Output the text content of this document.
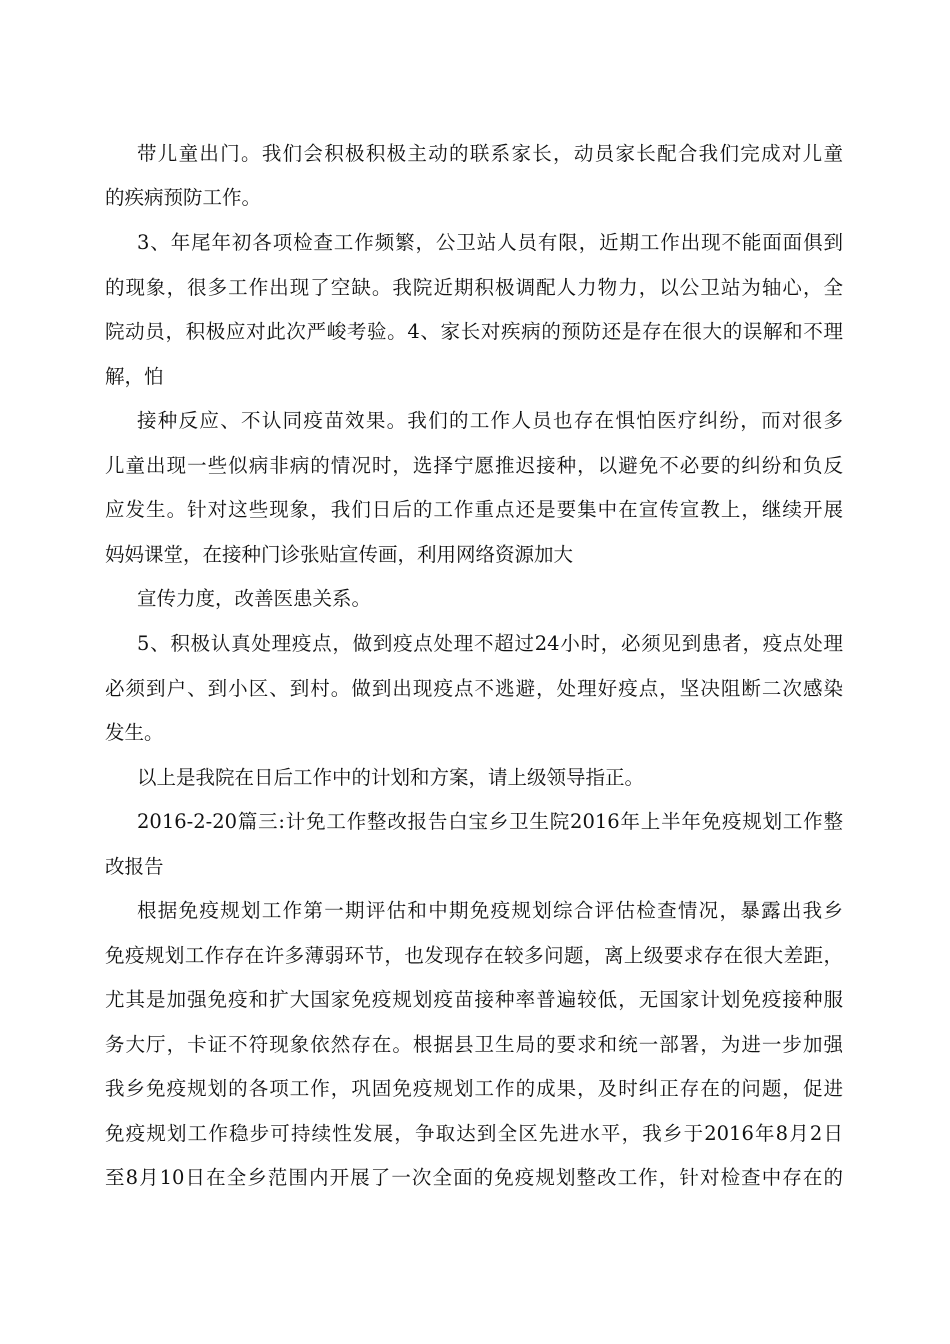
带儿童出门。我们会积极积极主动的联系家长，动员家长配合我们完成对儿童
的疾病预防工作。
3、年尾年初各项检查工作频繁，公卫站人员有限，近期工作出现不能面面俱到
的现象，很多工作出现了空缺。我院近期积极调配人力物力，以公卫站为轴心，全
院动员，积极应对此次严峻考验。4、家长对疾病的预防还是存在很大的误解和不理
解，怕
接种反应、不认同疫苗效果。我们的工作人员也存在惧怕医疗纠纷，而对很多
儿童出现一些似病非病的情况时，选择宁愿推迟接种，以避免不必要的纠纷和负反
应发生。针对这些现象，我们日后的工作重点还是要集中在宣传宣教上，继续开展
妈妈课堂，在接种门诊张贴宣传画，利用网络资源加大
宣传力度，改善医患关系。
5、积极认真处理疫点，做到疫点处理不超过24小时，必须见到患者，疫点处理
必须到户、到小区、到村。做到出现疫点不逃避，处理好疫点，坚决阻断二次感染
发生。
以上是我院在日后工作中的计划和方案，请上级领导指正。
2016-2-20篇三:计免工作整改报告白宝乡卫生院2016年上半年免疫规划工作整
改报告
根据免疫规划工作第一期评估和中期免疫规划综合评估检查情况，暴露出我乡
免疫规划工作存在许多薄弱环节，也发现存在较多问题，离上级要求存在很大差距，
尤其是加强免疫和扩大国家免疫规划疫苗接种率普遍较低，无国家计划免疫接种服
务大厅，卡证不符现象依然存在。根据县卫生局的要求和统一部署，为进一步加强
我乡免疫规划的各项工作，巩固免疫规划工作的成果，及时纠正存在的问题，促进
免疫规划工作稳步可持续性发展，争取达到全区先进水平，我乡于2016年8月2日
至8月10日在全乡范围内开展了一次全面的免疫规划整改工作，针对检查中存在的
